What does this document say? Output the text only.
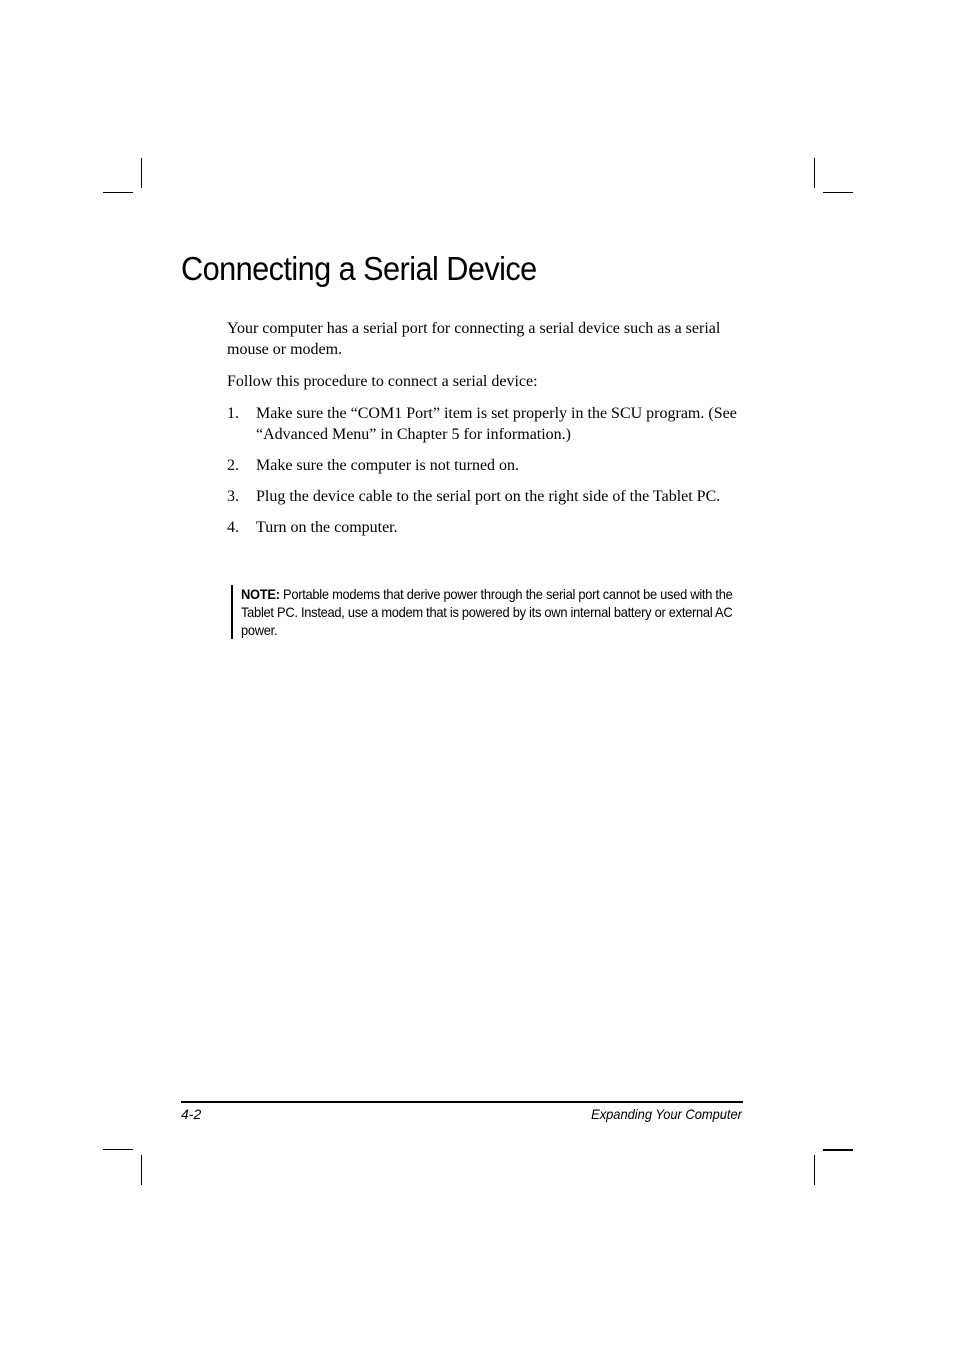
Connecting a Serial Device

Your computer has a serial port for connecting a serial device such as a serial mouse or modem.

Follow this procedure to connect a serial device:

1. Make sure the “COM1 Port” item is set properly in the SCU program. (See “Advanced Menu” in Chapter 5 for information.)
2. Make sure the computer is not turned on.
3. Plug the device cable to the serial port on the right side of the Tablet PC.
4. Turn on the computer.
NOTE: Portable modems that derive power through the serial port cannot be used with the Tablet PC. Instead, use a modem that is powered by its own internal battery or external AC power.
4-2	Expanding Your Computer
